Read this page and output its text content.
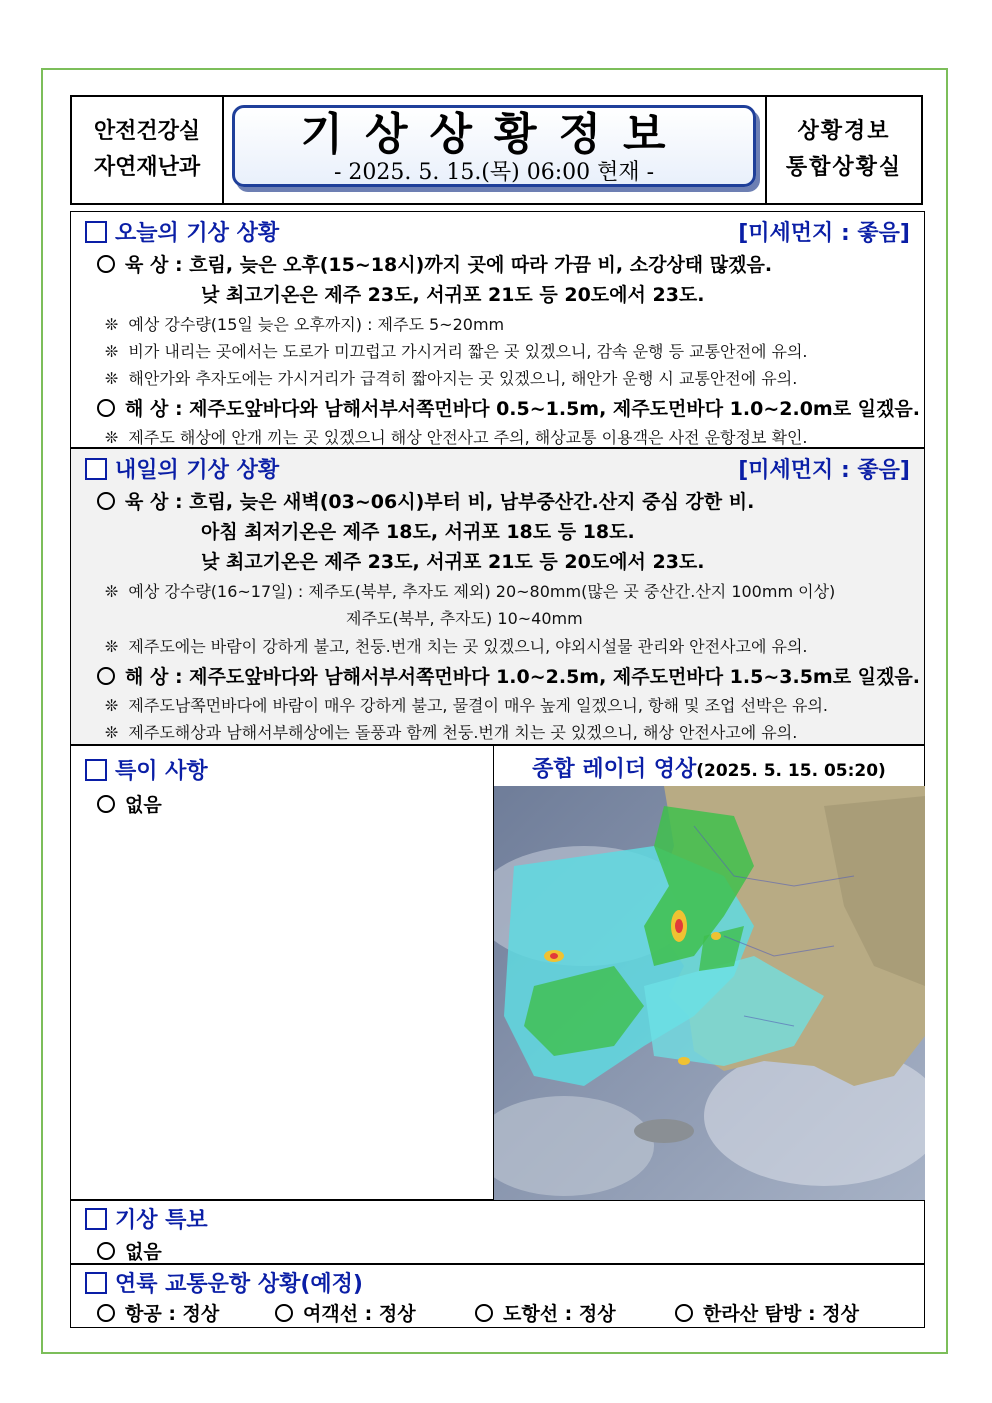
안전건강실
자연재난과
기상상황정보
- 2025. 5. 15.(목) 06:00 현재 -
상황경보
통합상황실
오늘의 기상 상황	[미세먼지 : 좋음]
육 상 : 흐림, 늦은 오후(15~18시)까지 곳에 따라 가끔 비, 소강상태 많겠음.
낮 최고기온은 제주 23도, 서귀포 21도 등 20도에서 23도.
❊ 예상 강수량(15일 늦은 오후까지) : 제주도 5~20mm
❊ 비가 내리는 곳에서는 도로가 미끄럽고 가시거리 짧은 곳 있겠으니, 감속 운행 등 교통안전에 유의.
❊ 해안가와 추자도에는 가시거리가 급격히 짧아지는 곳 있겠으니, 해안가 운행 시 교통안전에 유의.
해 상 : 제주도앞바다와 남해서부서쪽먼바다 0.5~1.5m, 제주도먼바다 1.0~2.0m로 일겠음.
❊ 제주도 해상에 안개 끼는 곳 있겠으니 해상 안전사고 주의, 해상교통 이용객은 사전 운항정보 확인.
내일의 기상 상황	[미세먼지 : 좋음]
육 상 : 흐림, 늦은 새벽(03~06시)부터 비, 남부중산간.산지 중심 강한 비.
아침 최저기온은 제주 18도, 서귀포 18도 등 18도.
낮 최고기온은 제주 23도, 서귀포 21도 등 20도에서 23도.
❊ 예상 강수량(16~17일) : 제주도(북부, 추자도 제외) 20~80mm(많은 곳 중산간.산지 100mm 이상)
제주도(북부, 추자도) 10~40mm
❊ 제주도에는 바람이 강하게 불고, 천둥.번개 치는 곳 있겠으니, 야외시설물 관리와 안전사고에 유의.
해 상 : 제주도앞바다와 남해서부서쪽먼바다 1.0~2.5m, 제주도먼바다 1.5~3.5m로 일겠음.
❊ 제주도남쪽먼바다에 바람이 매우 강하게 불고, 물결이 매우 높게 일겠으니, 항해 및 조업 선박은 유의.
❊ 제주도해상과 남해서부해상에는 돌풍과 함께 천둥.번개 치는 곳 있겠으니, 해상 안전사고에 유의.
특이 사항
없음
종합 레이더 영상(2025. 5. 15. 05:20)
기상 특보
없음
연륙 교통운항 상황(예정)
항공 : 정상	여객선 : 정상	도항선 : 정상	한라산 탐방 : 정상
